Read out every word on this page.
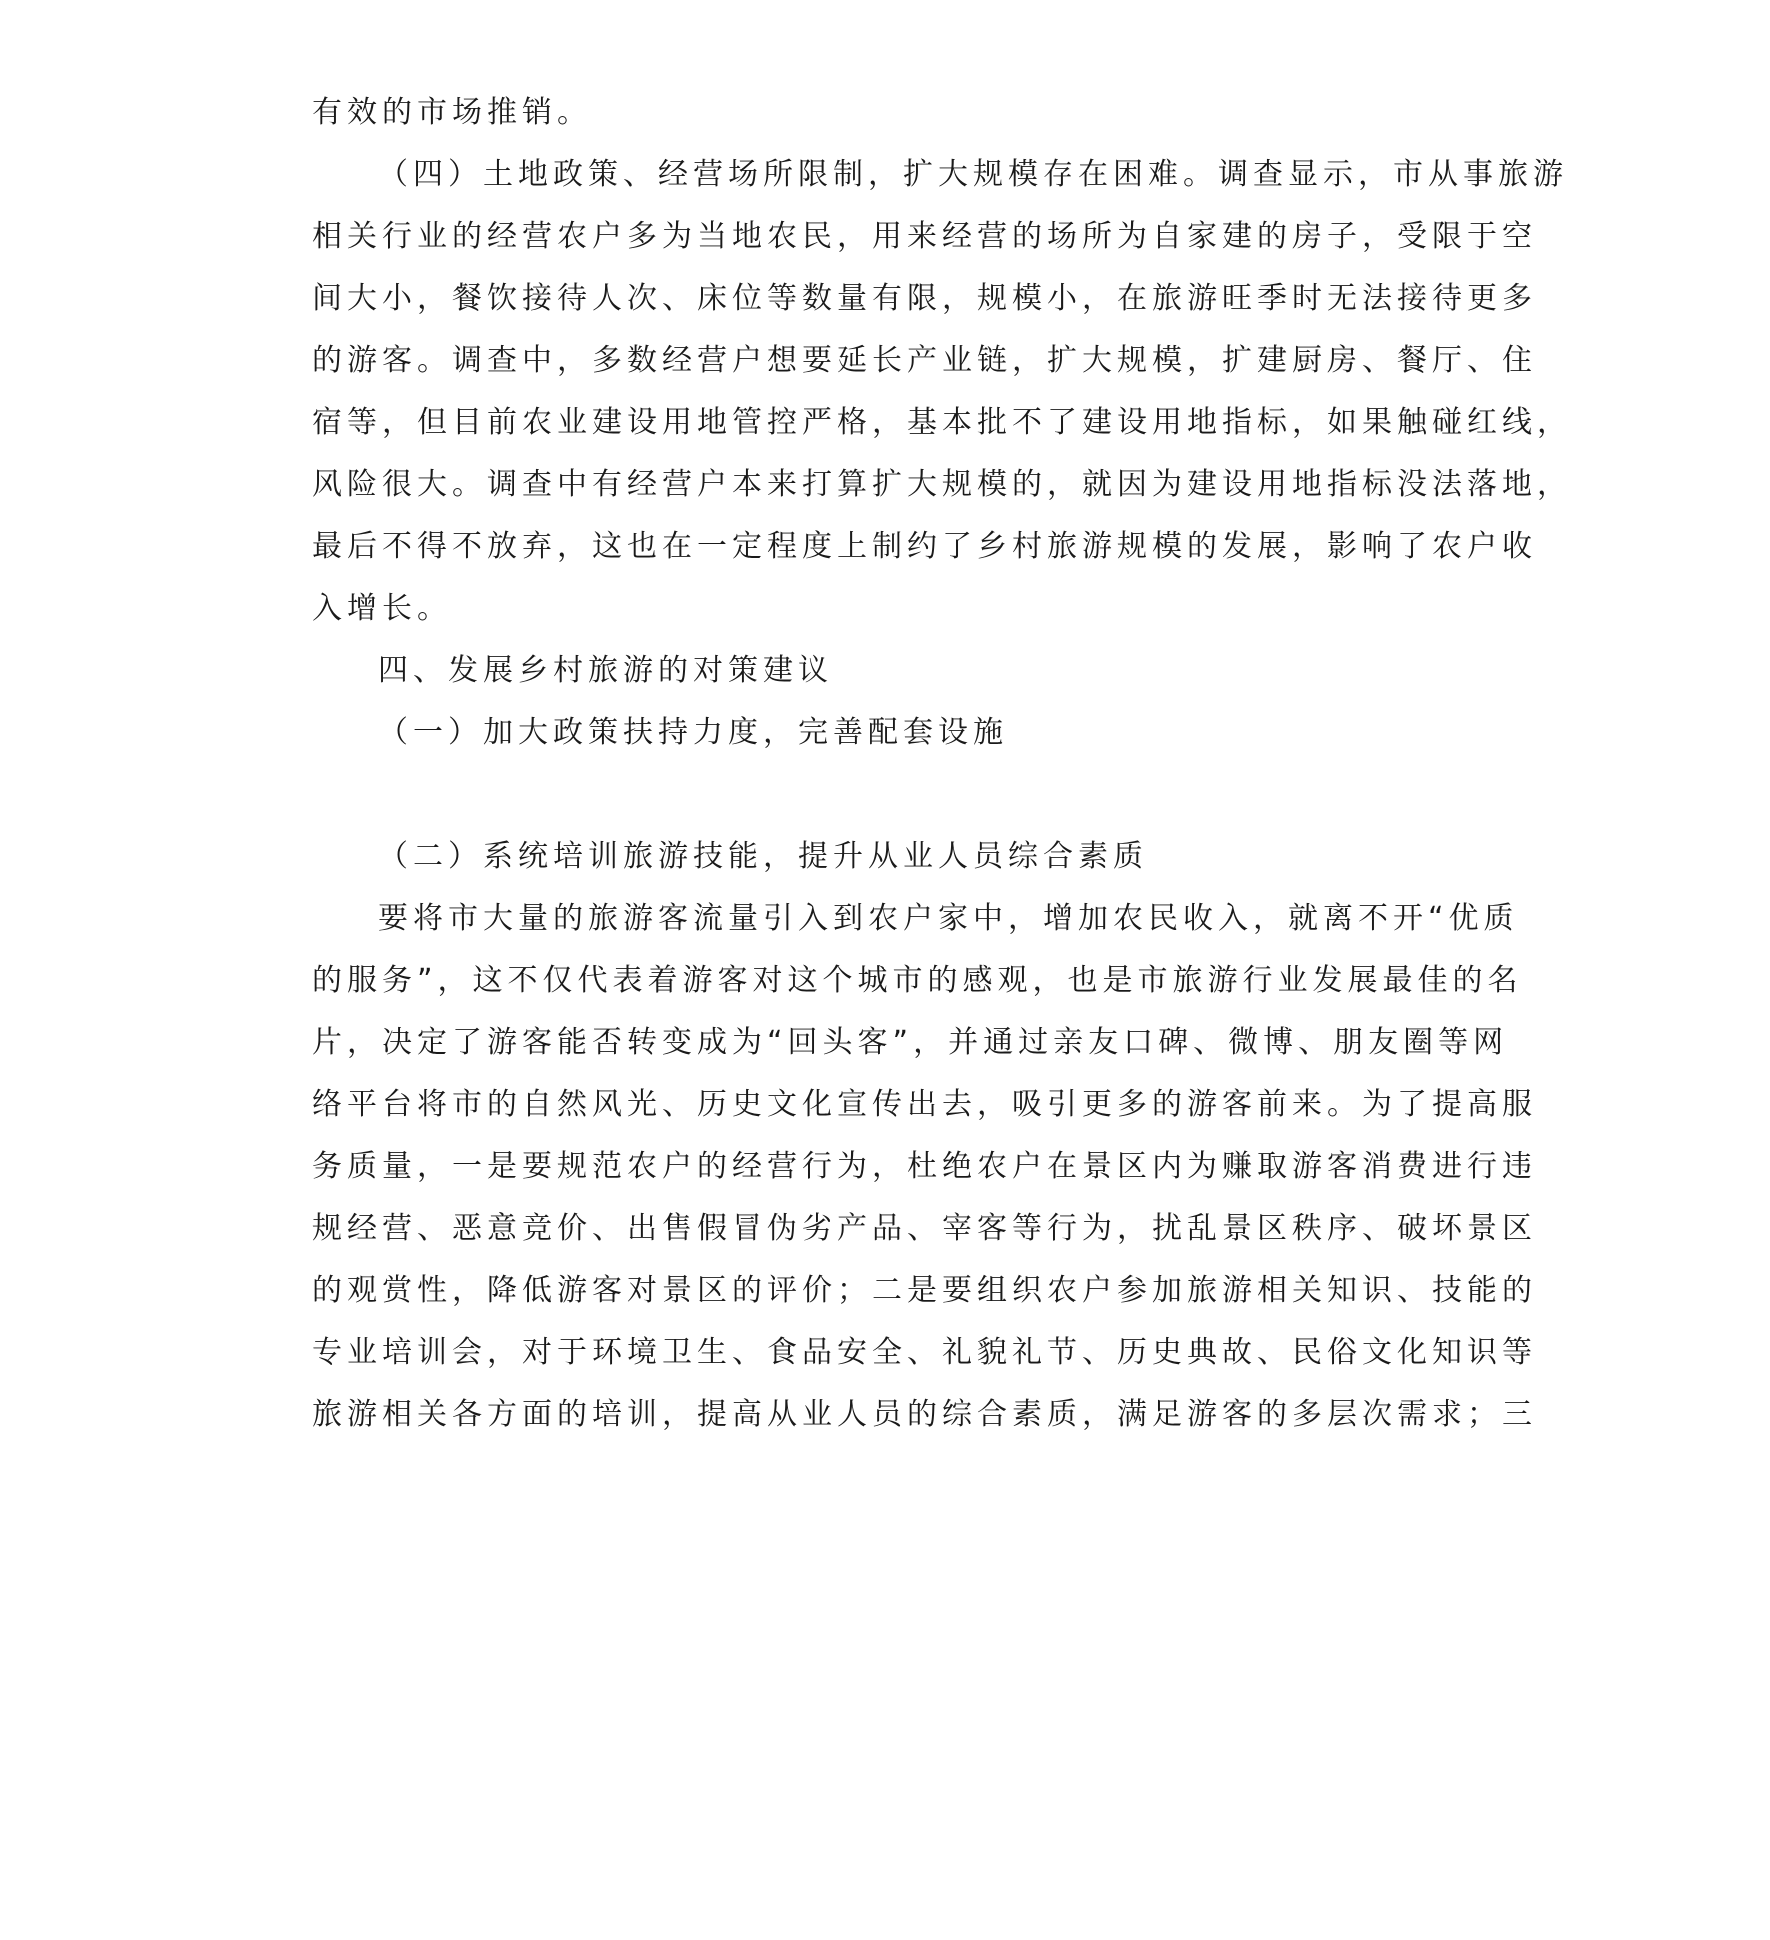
有效的市场推销。
（四）土地政策、经营场所限制，扩大规模存在困难。调查显示，市从事旅游
相关行业的经营农户多为当地农民，用来经营的场所为自家建的房子，受限于空
间大小，餐饮接待人次、床位等数量有限，规模小，在旅游旺季时无法接待更多
的游客。调查中，多数经营户想要延长产业链，扩大规模，扩建厨房、餐厅、住
宿等，但目前农业建设用地管控严格，基本批不了建设用地指标，如果触碰红线，
风险很大。调查中有经营户本来打算扩大规模的，就因为建设用地指标没法落地，
最后不得不放弃，这也在一定程度上制约了乡村旅游规模的发展，影响了农户收
入增长。
四、发展乡村旅游的对策建议
（一）加大政策扶持力度，完善配套设施
（二）系统培训旅游技能，提升从业人员综合素质
要将市大量的旅游客流量引入到农户家中，增加农民收入，就离不开“优质
的服务”，这不仅代表着游客对这个城市的感观，也是市旅游行业发展最佳的名
片，决定了游客能否转变成为“回头客”，并通过亲友口碑、微博、朋友圈等网
络平台将市的自然风光、历史文化宣传出去，吸引更多的游客前来。为了提高服
务质量，一是要规范农户的经营行为，杜绝农户在景区内为赚取游客消费进行违
规经营、恶意竞价、出售假冒伪劣产品、宰客等行为，扰乱景区秩序、破坏景区
的观赏性，降低游客对景区的评价；二是要组织农户参加旅游相关知识、技能的
专业培训会，对于环境卫生、食品安全、礼貌礼节、历史典故、民俗文化知识等
旅游相关各方面的培训，提高从业人员的综合素质，满足游客的多层次需求；三
